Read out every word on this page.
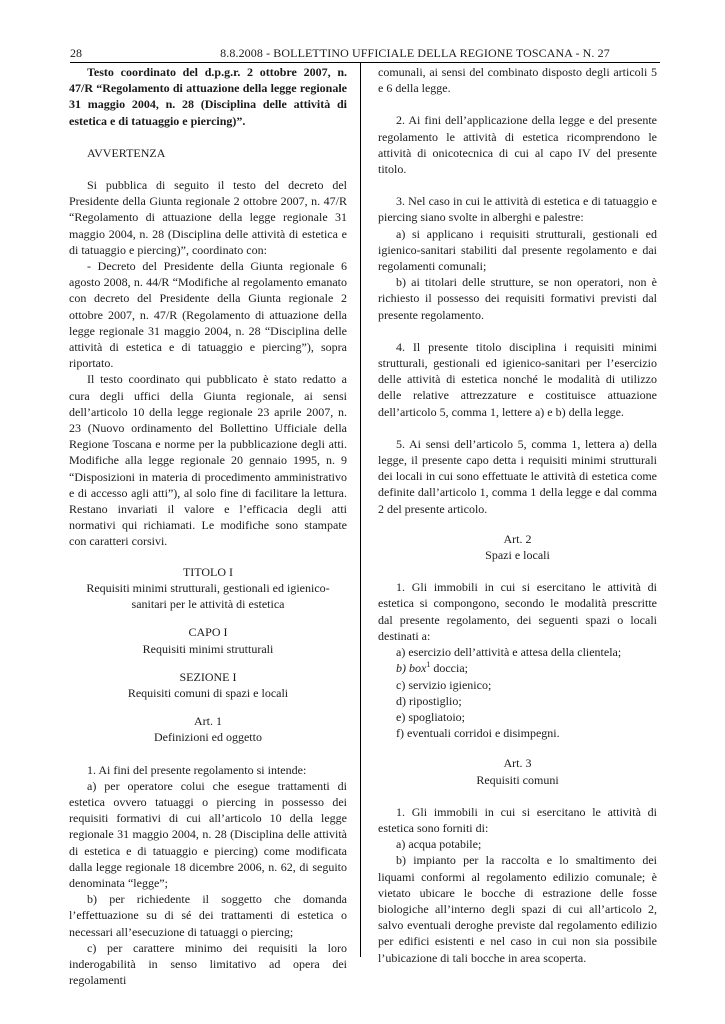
28	8.8.2008 - BOLLETTINO UFFICIALE DELLA REGIONE TOSCANA - N. 27

Testo coordinato del d.p.g.r. 2 ottobre 2007, n. 47/R “Regolamento di attuazione della legge regionale 31 maggio 2004, n. 28 (Disciplina delle attività di estetica e di tatuaggio e piercing)”.

AVVERTENZA

Si pubblica di seguito il testo del decreto del Presidente della Giunta regionale 2 ottobre 2007, n. 47/R “Regolamento di attuazione della legge regionale 31 maggio 2004, n. 28 (Disciplina delle attività di estetica e di tatuaggio e piercing)”, coordinato con:

- Decreto del Presidente della Giunta regionale 6 agosto 2008, n. 44/R “Modifiche al regolamento emanato con decreto del Presidente della Giunta regionale 2 ottobre 2007, n. 47/R (Regolamento di attuazione della legge regionale 31 maggio 2004, n. 28 “Disciplina delle attività di estetica e di tatuaggio e piercing”), sopra riportato.

Il testo coordinato qui pubblicato è stato redatto a cura degli uffici della Giunta regionale, ai sensi dell’articolo 10 della legge regionale 23 aprile 2007, n. 23 (Nuovo ordinamento del Bollettino Ufficiale della Regione Toscana e norme per la pubblicazione degli atti. Modifiche alla legge regionale 20 gennaio 1995, n. 9 “Disposizioni in materia di procedimento amministrativo e di accesso agli atti”), al solo fine di facilitare la lettura. Restano invariati il valore e l’efficacia degli atti normativi qui richiamati. Le modifiche sono stampate con caratteri corsivi.

TITOLO I

Requisiti minimi strutturali, gestionali ed igienico-sanitari per le attività di estetica

CAPO I

Requisiti minimi strutturali

SEZIONE I

Requisiti comuni di spazi e locali

Art. 1

Definizioni ed oggetto

1. Ai fini del presente regolamento si intende:

a) per operatore colui che esegue trattamenti di estetica ovvero tatuaggi o piercing in possesso dei requisiti formativi di cui all’articolo 10 della legge regionale 31 maggio 2004, n. 28 (Disciplina delle attività di estetica e di tatuaggio e piercing) come modificata dalla legge regionale 18 dicembre 2006, n. 62, di seguito denominata “legge”;

b) per richiedente il soggetto che domanda l’effettuazione su di sé dei trattamenti di estetica o necessari all’esecuzione di tatuaggi o piercing;

c) per carattere minimo dei requisiti la loro inderogabilità in senso limitativo ad opera dei regolamenti

comunali, ai sensi del combinato disposto degli articoli 5 e 6 della legge.

2. Ai fini dell’applicazione della legge e del presente regolamento le attività di estetica ricomprendono le attività di onicotecnica di cui al capo IV del presente titolo.

3. Nel caso in cui le attività di estetica e di tatuaggio e piercing siano svolte in alberghi e palestre:

a) si applicano i requisiti strutturali, gestionali ed igienico-sanitari stabiliti dal presente regolamento e dai regolamenti comunali;

b) ai titolari delle strutture, se non operatori, non è richiesto il possesso dei requisiti formativi previsti dal presente regolamento.

4. Il presente titolo disciplina i requisiti minimi strutturali, gestionali ed igienico-sanitari per l’esercizio delle attività di estetica nonché le modalità di utilizzo delle relative attrezzature e costituisce attuazione dell’articolo 5, comma 1, lettere a) e b) della legge.

5. Ai sensi dell’articolo 5, comma 1, lettera a) della legge, il presente capo detta i requisiti minimi strutturali dei locali in cui sono effettuate le attività di estetica come definite dall’articolo 1, comma 1 della legge e dal comma 2 del presente articolo.

Art. 2

Spazi e locali

1. Gli immobili in cui si esercitano le attività di estetica si compongono, secondo le modalità prescritte dal presente regolamento, dei seguenti spazi o locali destinati a:

a) esercizio dell’attività e attesa della clientela;

b) box$^1$ doccia;

c) servizio igienico;

d) ripostiglio;

e) spogliatoio;

f) eventuali corridoi e disimpegni.

Art. 3

Requisiti comuni

1. Gli immobili in cui si esercitano le attività di estetica sono forniti di:

a) acqua potabile;

b) impianto per la raccolta e lo smaltimento dei liquami conformi al regolamento edilizio comunale; è vietato ubicare le bocche di estrazione delle fosse biologiche all’interno degli spazi di cui all’articolo 2, salvo eventuali deroghe previste dal regolamento edilizio per edifici esistenti e nel caso in cui non sia possibile l’ubicazione di tali bocche in area scoperta.
